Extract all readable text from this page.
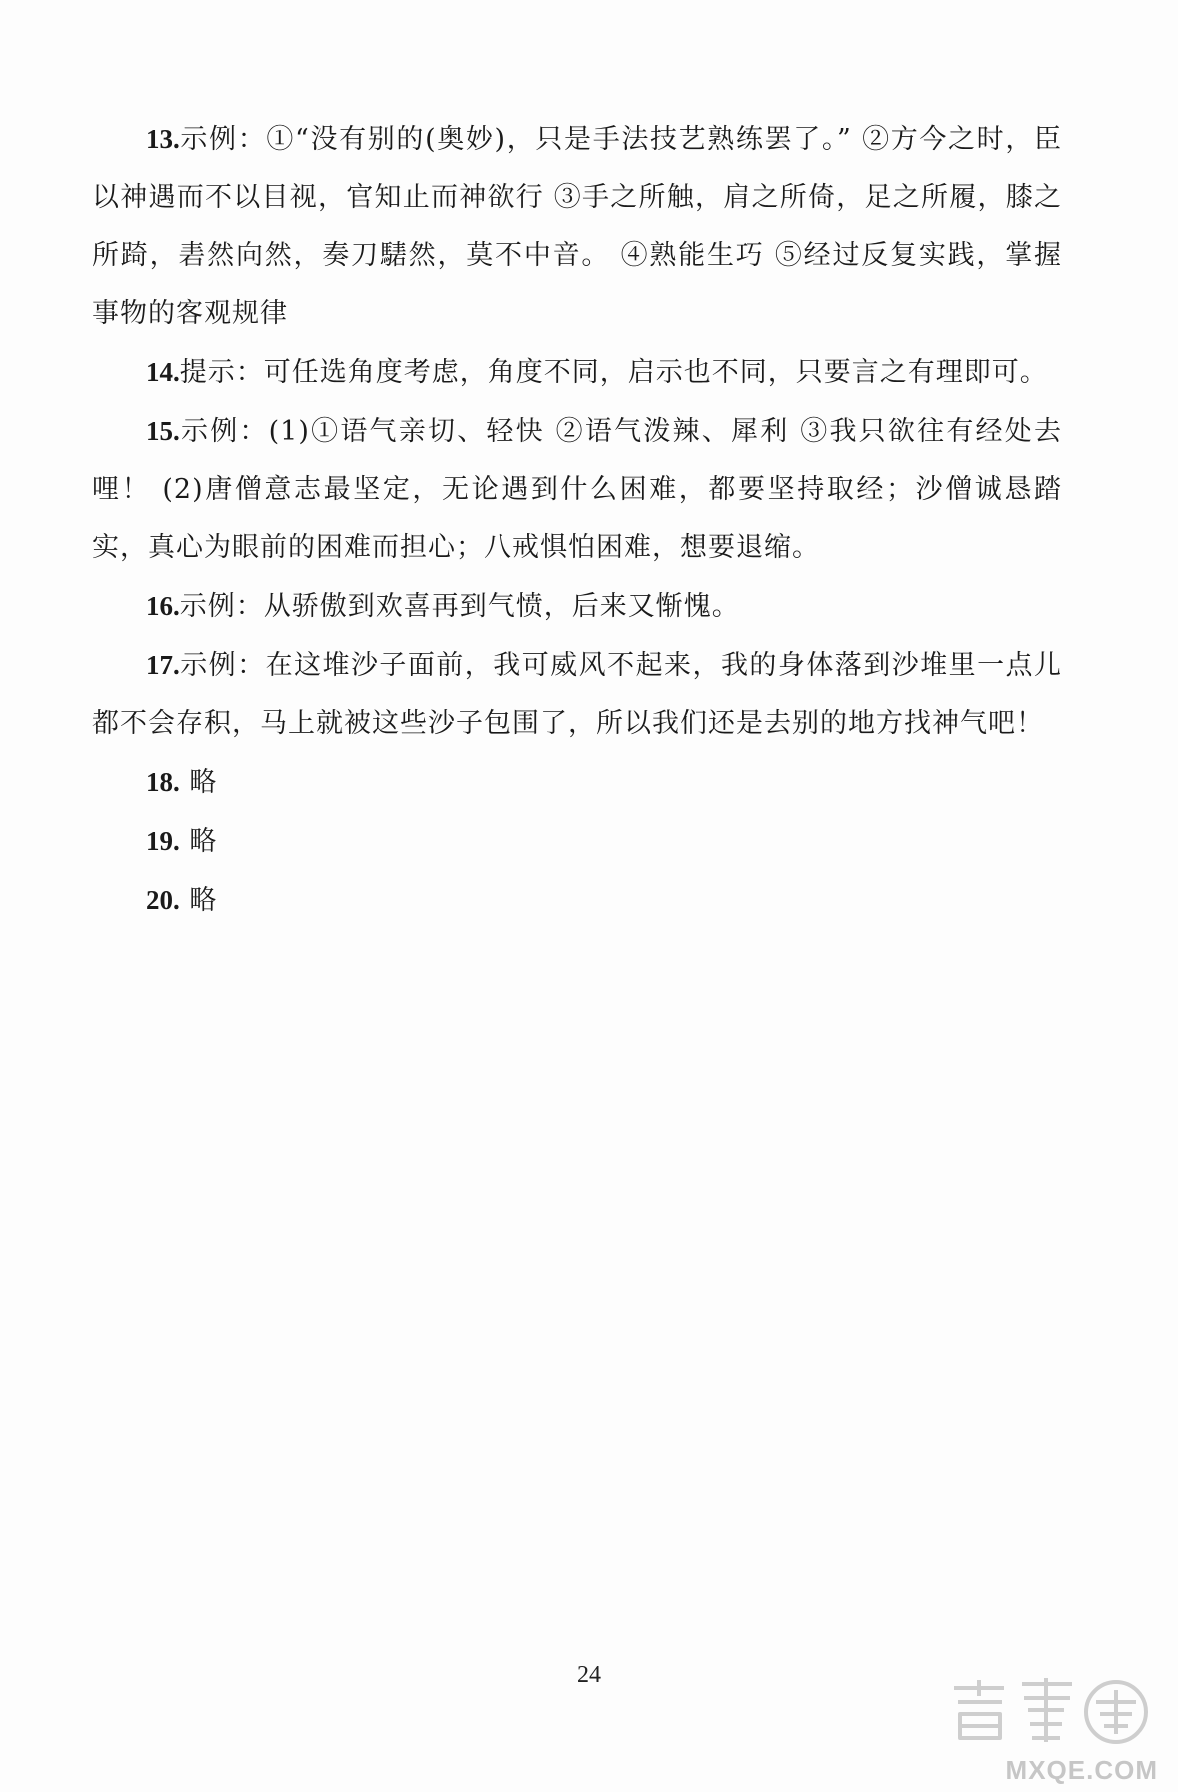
13.示例：①“没有别的(奥妙)，只是手法技艺熟练罢了。” ②方今之时，臣以神遇而不以目视，官知止而神欲行 ③手之所触，肩之所倚，足之所履，膝之所踦，砉然向然，奏刀騞然，莫不中音。 ④熟能生巧 ⑤经过反复实践，掌握事物的客观规律

14.提示：可任选角度考虑，角度不同，启示也不同，只要言之有理即可。

15.示例：(1)①语气亲切、轻快 ②语气泼辣、犀利 ③我只欲往有经处去哩！ (2)唐僧意志最坚定，无论遇到什么困难，都要坚持取经；沙僧诚恳踏实，真心为眼前的困难而担心；八戒惧怕困难，想要退缩。

16.示例：从骄傲到欢喜再到气愤，后来又惭愧。

17.示例：在这堆沙子面前，我可威风不起来，我的身体落到沙堆里一点儿都不会存积，马上就被这些沙子包围了，所以我们还是去别的地方找神气吧！

18. 略

19. 略

20. 略

24
MXQE.COM
